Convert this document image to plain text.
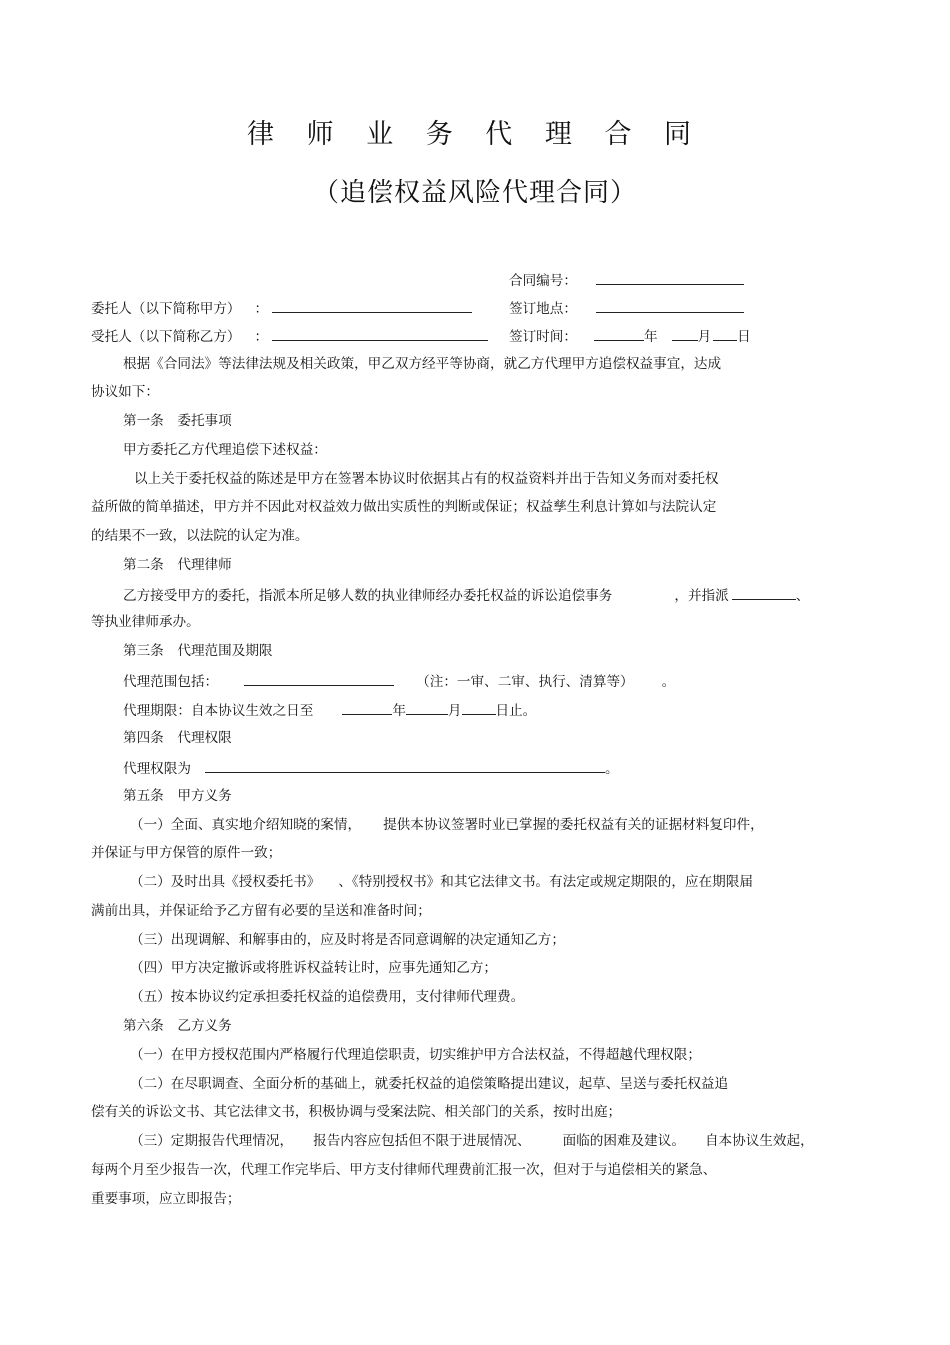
律 师 业 务 代 理 合 同
（追偿权益风险代理合同）
合同编号：
委托人（以下简称甲方） ：	签订地点：
受托人（以下简称乙方） ：	签订时间：	年	月 日
根据《合同法》等法律法规及相关政策，甲乙双方经平等协商，就乙方代理甲方追偿权益事宜，达成
协议如下：
第一条　委托事项
甲方委托乙方代理追偿下述权益：
以上关于委托权益的陈述是甲方在签署本协议时依据其占有的权益资料并出于告知义务而对委托权
益所做的简单描述，甲方并不因此对权益效力做出实质性的判断或保证；权益孳生利息计算如与法院认定
的结果不一致，以法院的认定为准。
第二条　代理律师
乙方接受甲方的委托，指派本所足够人数的执业律师经办委托权益的诉讼追偿事务	，并指派	、
等执业律师承办。
第三条　代理范围及期限
代理范围包括：	（注：一审、二审、执行、清算等） 。
代理期限：自本协议生效之日至	年	月	日止。
第四条　代理权限
代理权限为	。
第五条　甲方义务
（一）全面、真实地介绍知晓的案情， 提供本协议签署时业已掌握的委托权益有关的证据材料复印件，
并保证与甲方保管的原件一致；
（二）及时出具《授权委托书》 、《特别授权书》和其它法律文书。有法定或规定期限的，应在期限届
满前出具，并保证给予乙方留有必要的呈送和准备时间；
（三）出现调解、和解事由的，应及时将是否同意调解的决定通知乙方；
（四）甲方决定撤诉或将胜诉权益转让时，应事先通知乙方；
（五）按本协议约定承担委托权益的追偿费用，支付律师代理费。
第六条　乙方义务
（一）在甲方授权范围内严格履行代理追偿职责，切实维护甲方合法权益，不得超越代理权限；
（二）在尽职调查、全面分析的基础上，就委托权益的追偿策略提出建议，起草、呈送与委托权益追
偿有关的诉讼文书、其它法律文书，积极协调与受案法院、相关部门的关系，按时出庭；
（三）定期报告代理情况， 报告内容应包括但不限于进展情况、 面临的困难及建议。 自本协议生效起，
每两个月至少报告一次，代理工作完毕后、甲方支付律师代理费前汇报一次，但对于与追偿相关的紧急、
重要事项，应立即报告；
